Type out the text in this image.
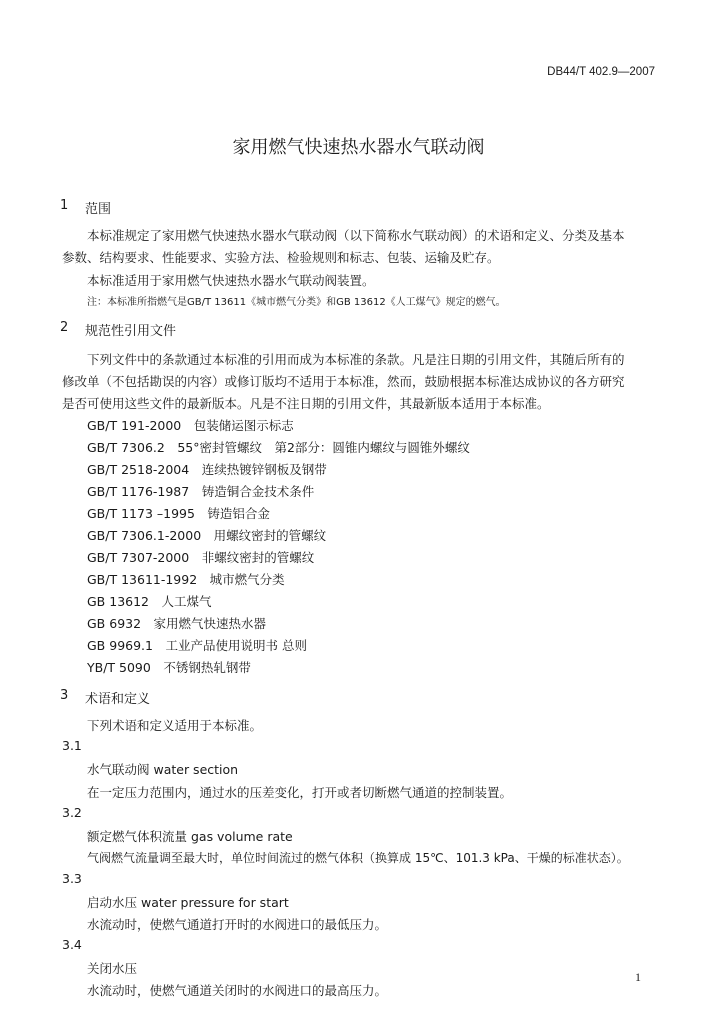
DB44/T 402.9—2007
家用燃气快速热水器水气联动阀
1 范围
本标准规定了家用燃气快速热水器水气联动阀（以下简称水气联动阀）的术语和定义、分类及基本
参数、结构要求、性能要求、实验方法、检验规则和标志、包装、运输及贮存。
本标准适用于家用燃气快速热水器水气联动阀装置。
注：本标准所指燃气是GB/T 13611《城市燃气分类》和GB 13612《人工煤气》规定的燃气。
2 规范性引用文件
下列文件中的条款通过本标准的引用而成为本标准的条款。凡是注日期的引用文件，其随后所有的
修改单（不包括勘误的内容）或修订版均不适用于本标准，然而，鼓励根据本标准达成协议的各方研究
是否可使用这些文件的最新版本。凡是不注日期的引用文件，其最新版本适用于本标准。
GB/T 191-2000　包装储运图示标志
GB/T 7306.2　55°密封管螺纹　第2部分：圆锥内螺纹与圆锥外螺纹
GB/T 2518-2004　连续热镀锌钢板及钢带
GB/T 1176-1987　铸造铜合金技术条件
GB/T 1173 –1995　铸造铝合金
GB/T 7306.1-2000　用螺纹密封的管螺纹
GB/T 7307-2000　非螺纹密封的管螺纹
GB/T 13611-1992　城市燃气分类
GB 13612　人工煤气
GB 6932　家用燃气快速热水器
GB 9969.1　工业产品使用说明书 总则
YB/T 5090　不锈钢热轧钢带
3 术语和定义
下列术语和定义适用于本标准。
3.1
水气联动阀 water section
在一定压力范围内，通过水的压差变化，打开或者切断燃气通道的控制装置。
3.2
额定燃气体积流量 gas volume rate
气阀燃气流量调至最大时，单位时间流过的燃气体积（换算成 15℃、101.3 kPa、干燥的标准状态）。
3.3
启动水压 water pressure for start
水流动时，使燃气通道打开时的水阀进口的最低压力。
3.4
关闭水压
水流动时，使燃气通道关闭时的水阀进口的最高压力。
1
